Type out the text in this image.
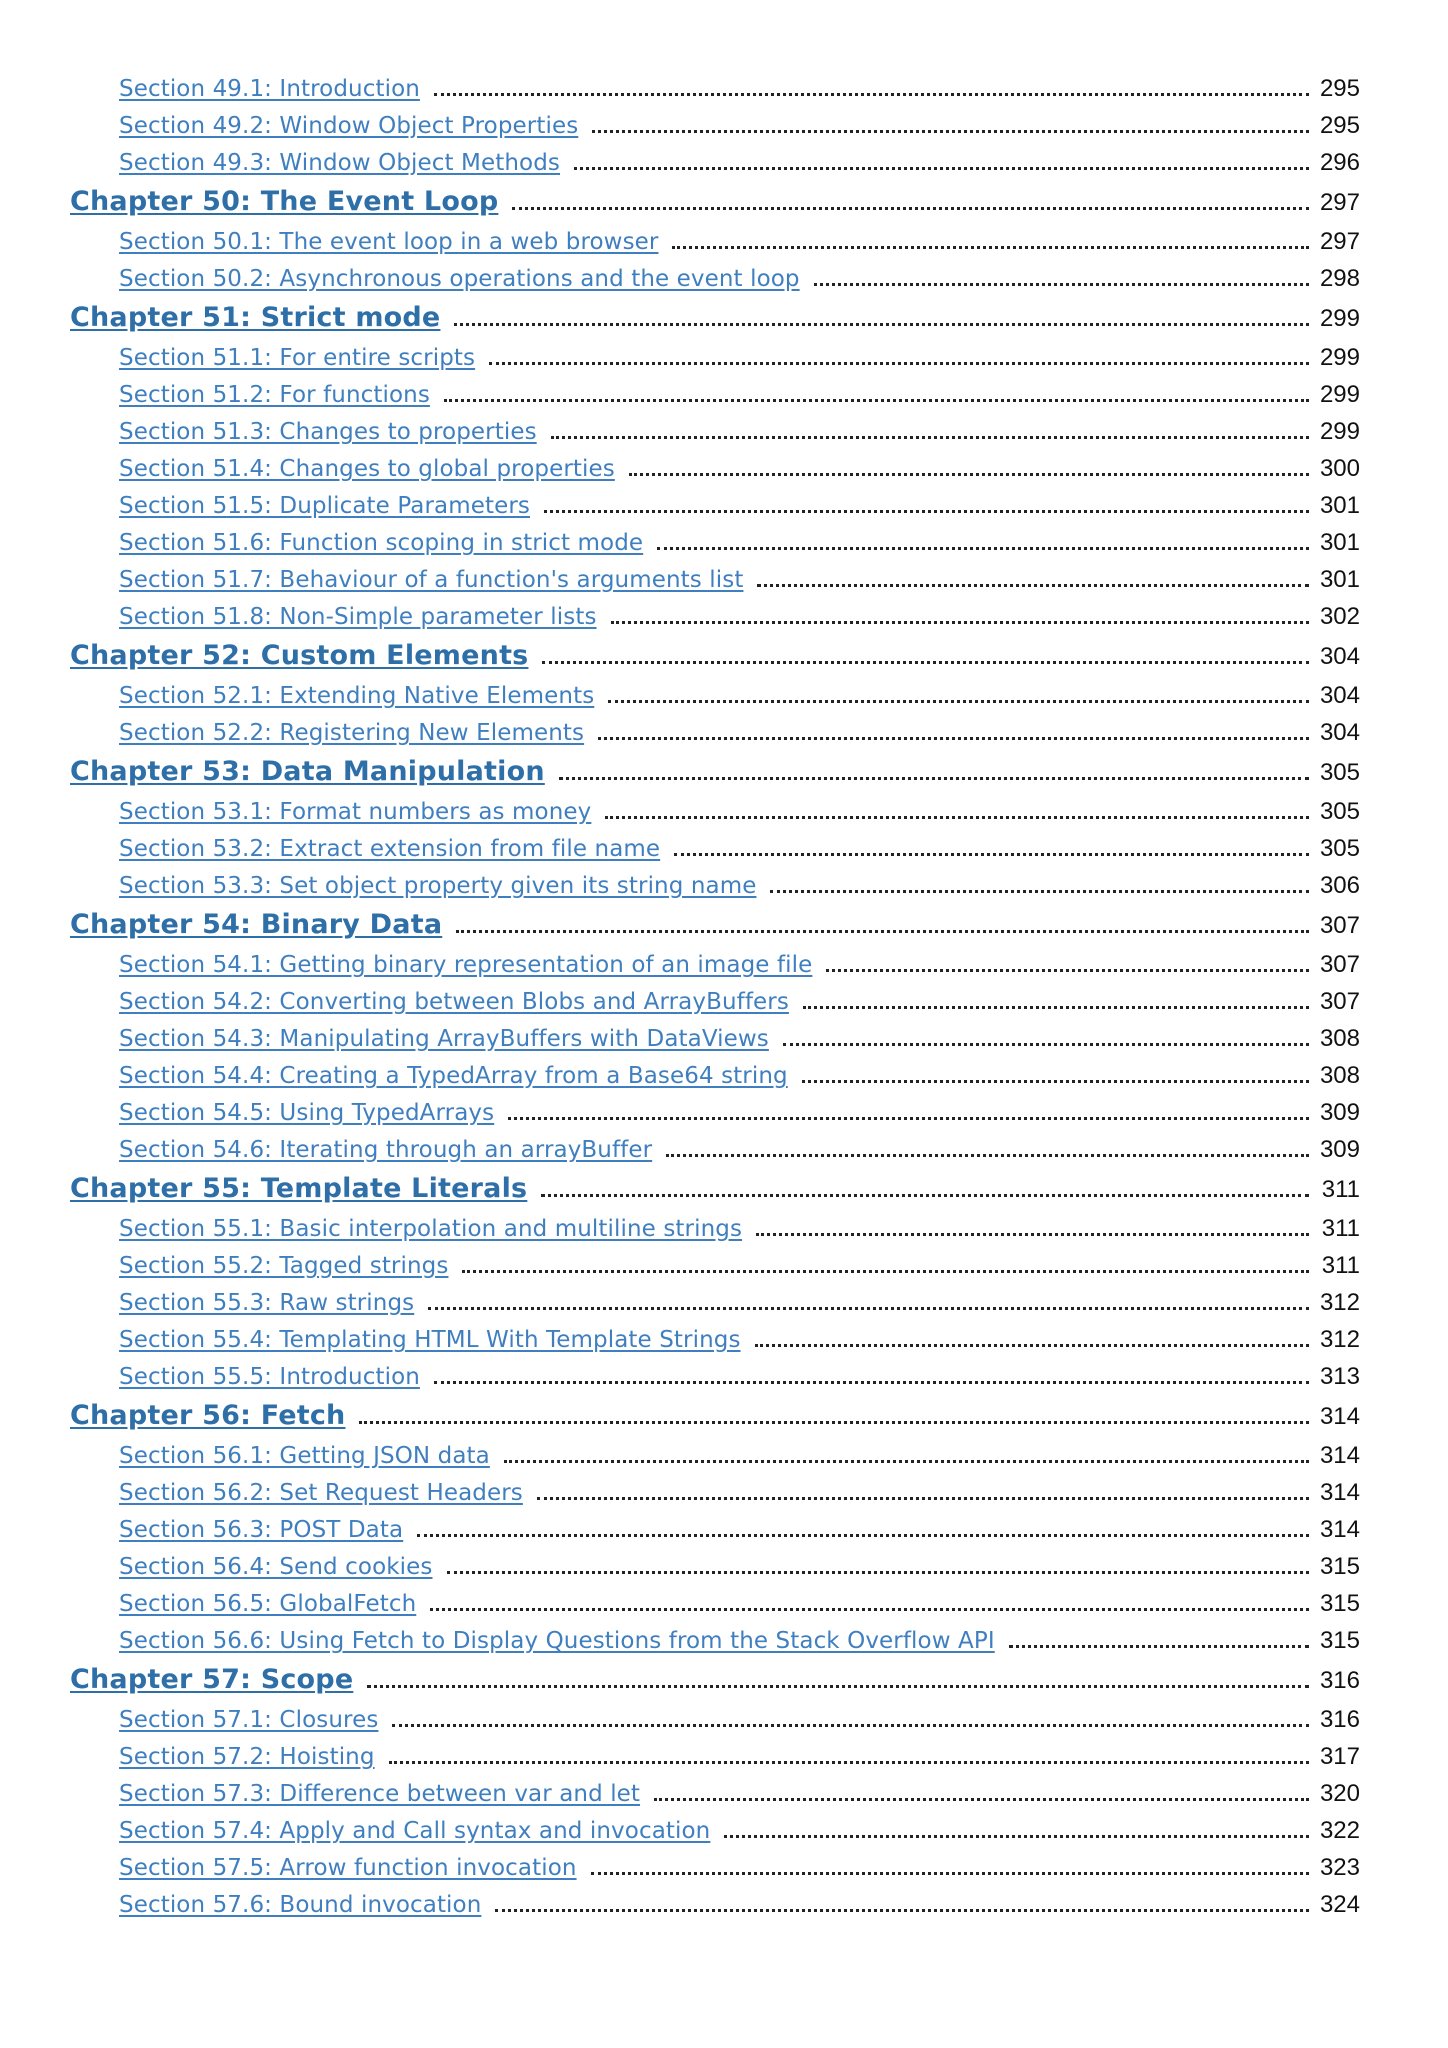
Section 49.1: Introduction	295
Section 49.2: Window Object Properties	295
Section 49.3: Window Object Methods	296
Chapter 50: The Event Loop	297
Section 50.1: The event loop in a web browser	297
Section 50.2: Asynchronous operations and the event loop	298
Chapter 51: Strict mode	299
Section 51.1: For entire scripts	299
Section 51.2: For functions	299
Section 51.3: Changes to properties	299
Section 51.4: Changes to global properties	300
Section 51.5: Duplicate Parameters	301
Section 51.6: Function scoping in strict mode	301
Section 51.7: Behaviour of a function's arguments list	301
Section 51.8: Non-Simple parameter lists	302
Chapter 52: Custom Elements	304
Section 52.1: Extending Native Elements	304
Section 52.2: Registering New Elements	304
Chapter 53: Data Manipulation	305
Section 53.1: Format numbers as money	305
Section 53.2: Extract extension from file name	305
Section 53.3: Set object property given its string name	306
Chapter 54: Binary Data	307
Section 54.1: Getting binary representation of an image file	307
Section 54.2: Converting between Blobs and ArrayBuffers	307
Section 54.3: Manipulating ArrayBuffers with DataViews	308
Section 54.4: Creating a TypedArray from a Base64 string	308
Section 54.5: Using TypedArrays	309
Section 54.6: Iterating through an arrayBuffer	309
Chapter 55: Template Literals	311
Section 55.1: Basic interpolation and multiline strings	311
Section 55.2: Tagged strings	311
Section 55.3: Raw strings	312
Section 55.4: Templating HTML With Template Strings	312
Section 55.5: Introduction	313
Chapter 56: Fetch	314
Section 56.1: Getting JSON data	314
Section 56.2: Set Request Headers	314
Section 56.3: POST Data	314
Section 56.4: Send cookies	315
Section 56.5: GlobalFetch	315
Section 56.6: Using Fetch to Display Questions from the Stack Overflow API	315
Chapter 57: Scope	316
Section 57.1: Closures	316
Section 57.2: Hoisting	317
Section 57.3: Difference between var and let	320
Section 57.4: Apply and Call syntax and invocation	322
Section 57.5: Arrow function invocation	323
Section 57.6: Bound invocation	324
